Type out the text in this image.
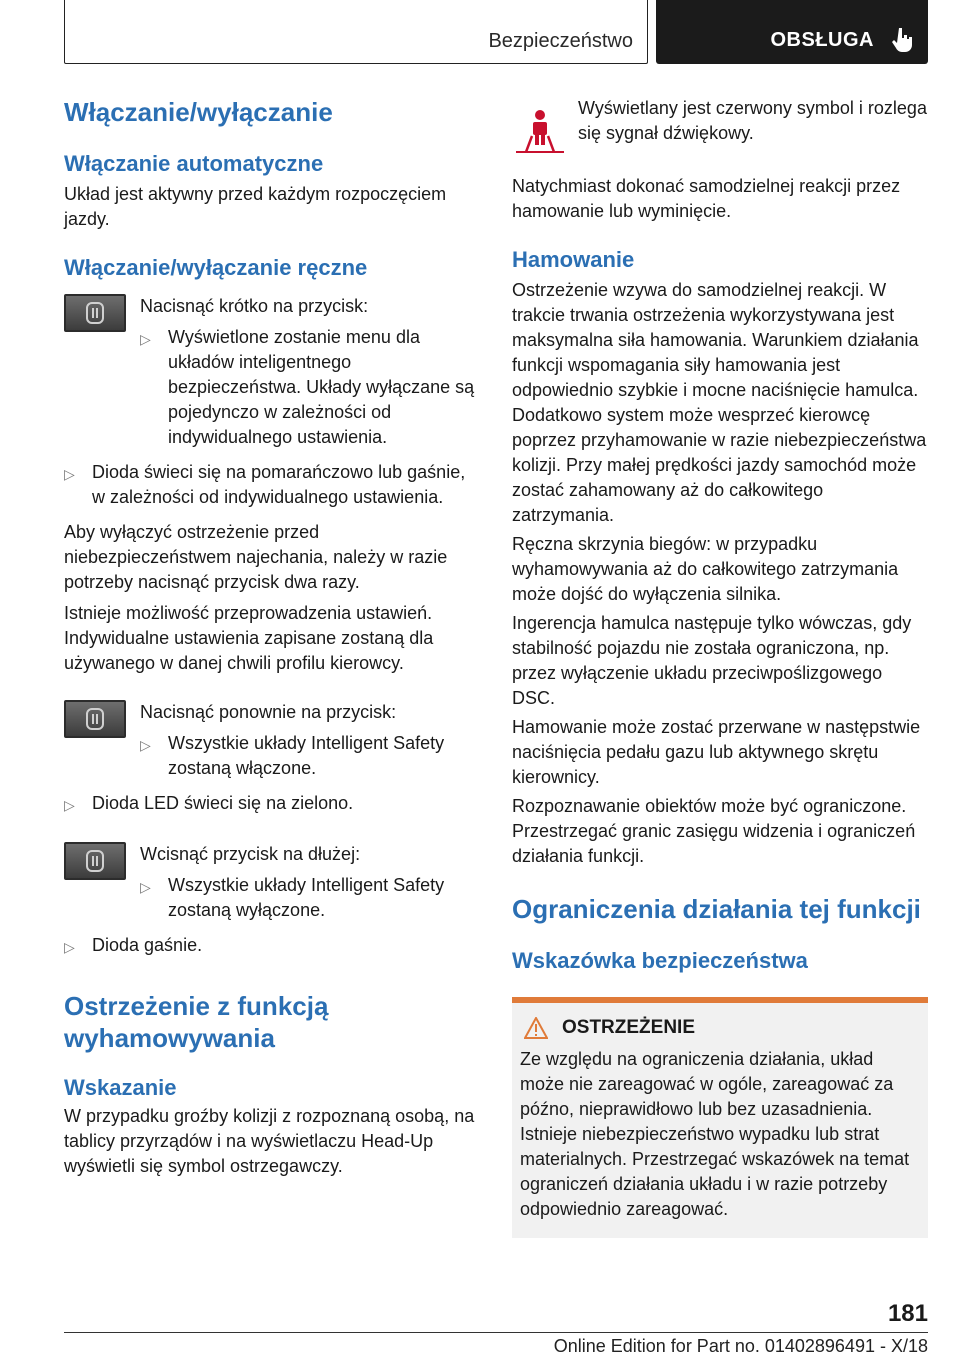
Bezpieczeństwo	OBSŁUGA
Włączanie/wyłączanie
Włączanie automatyczne

Układ jest aktywny przed każdym rozpoczęciem jazdy.

Włączanie/wyłączanie ręczne

Nacisnąć krótko na przycisk:

▷ Wyświetlone zostanie menu dla układów inteligentnego bezpieczeństwa. Układy wyłączane są pojedynczo w zależności od indywidualnego ustawienia.
▷ Dioda świeci się na pomarańczowo lub gaśnie, w zależności od indywidualnego ustawienia.

Aby wyłączyć ostrzeżenie przed niebezpieczeństwem najechania, należy w razie potrzeby nacisnąć przycisk dwa razy.

Istnieje możliwość przeprowadzenia ustawień. Indywidualne ustawienia zapisane zostaną dla używanego w danej chwili profilu kierowcy.

Nacisnąć ponownie na przycisk:

▷ Wszystkie układy Intelligent Safety zostaną włączone.
▷ Dioda LED świeci się na zielono.

Wcisnąć przycisk na dłużej:

▷ Wszystkie układy Intelligent Safety zostaną wyłączone.
▷ Dioda gaśnie.
Ostrzeżenie z funkcją wyhamowywania
Wskazanie

W przypadku groźby kolizji z rozpoznaną osobą, na tablicy przyrządów i na wyświetlaczu Head-Up wyświetli się symbol ostrzegawczy.

Wyświetlany jest czerwony symbol i rozlega się sygnał dźwiękowy.

Natychmiast dokonać samodzielnej reakcji przez hamowanie lub wyminięcie.

Hamowanie

Ostrzeżenie wzywa do samodzielnej reakcji. W trakcie trwania ostrzeżenia wykorzystywana jest maksymalna siła hamowania. Warunkiem działania funkcji wspomagania siły hamowania jest odpowiednio szybkie i mocne naciśnięcie hamulca. Dodatkowo system może wesprzeć kierowcę poprzez przyhamowanie w razie niebezpieczeństwa kolizji. Przy małej prędkości jazdy samochód może zostać zahamowany aż do całkowitego zatrzymania.

Ręczna skrzynia biegów: w przypadku wyhamowywania aż do całkowitego zatrzymania może dojść do wyłączenia silnika.

Ingerencja hamulca następuje tylko wówczas, gdy stabilność pojazdu nie została ograniczona, np. przez wyłączenie układu przeciwpoślizgowego DSC.

Hamowanie może zostać przerwane w następstwie naciśnięcia pedału gazu lub aktywnego skrętu kierownicy.

Rozpoznawanie obiektów może być ograniczone. Przestrzegać granic zasięgu widzenia i ograniczeń działania funkcji.

Ograniczenia działania tej funkcji
Wskazówka bezpieczeństwa
OSTRZEŻENIE

Ze względu na ograniczenia działania, układ może nie zareagować w ogóle, zareagować za późno, nieprawidłowo lub bez uzasadnienia. Istnieje niebezpieczeństwo wypadku lub strat materialnych. Przestrzegać wskazówek na temat ograniczeń działania układu i w razie potrzeby odpowiednio zareagować.

181
Online Edition for Part no. 01402896491 - X/18
